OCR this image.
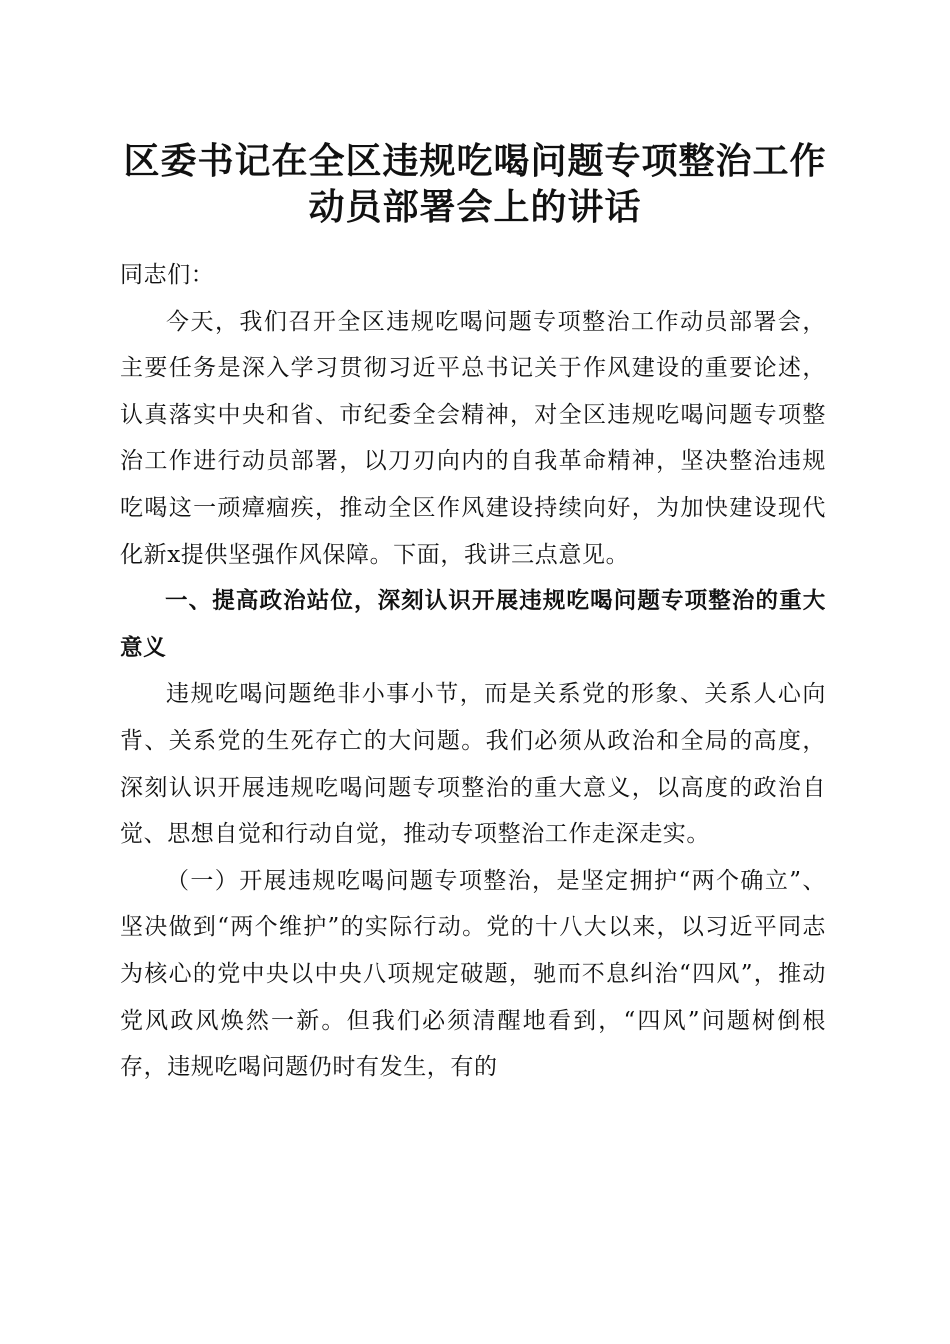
区委书记在全区违规吃喝问题专项整治工作动员部署会上的讲话

同志们：

今天，我们召开全区违规吃喝问题专项整治工作动员部署会，主要任务是深入学习贯彻习近平总书记关于作风建设的重要论述，认真落实中央和省、市纪委全会精神，对全区违规吃喝问题专项整治工作进行动员部署，以刀刃向内的自我革命精神，坚决整治违规吃喝这一顽瘴痼疾，推动全区作风建设持续向好，为加快建设现代化新x提供坚强作风保障。下面，我讲三点意见。

一、提高政治站位，深刻认识开展违规吃喝问题专项整治的重大意义

违规吃喝问题绝非小事小节，而是关系党的形象、关系人心向背、关系党的生死存亡的大问题。我们必须从政治和全局的高度，深刻认识开展违规吃喝问题专项整治的重大意义，以高度的政治自觉、思想自觉和行动自觉，推动专项整治工作走深走实。

（一）开展违规吃喝问题专项整治，是坚定拥护“两个确立”、坚决做到“两个维护”的实际行动。党的十八大以来，以习近平同志为核心的党中央以中央八项规定破题，驰而不息纠治“四风”，推动党风政风焕然一新。但我们必须清醒地看到，“四风”问题树倒根存，违规吃喝问题仍时有发生，有的
